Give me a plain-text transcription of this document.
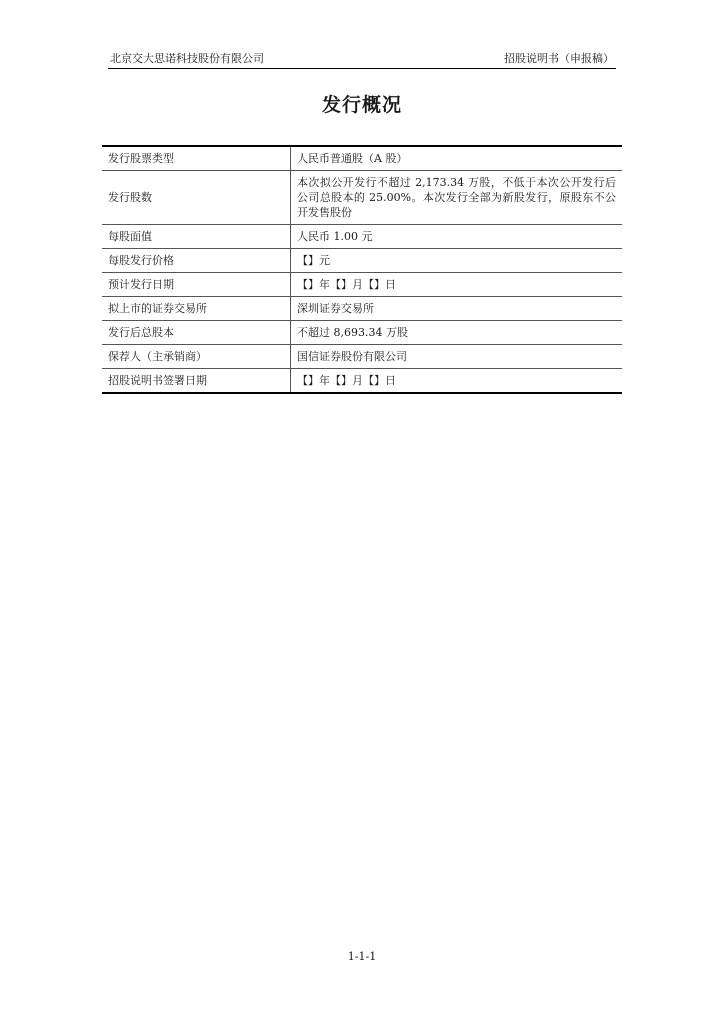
北京交大思诺科技股份有限公司	招股说明书（申报稿）
发行概况
发行股票类型	人民币普通股（A 股）
发行股数	本次拟公开发行不超过 2,173.34 万股，不低于本次公开发行后公司总股本的 25.00%。本次发行全部为新股发行，原股东不公开发售股份
每股面值	人民币 1.00 元
每股发行价格	【】元
预计发行日期	【】年【】月【】日
拟上市的证券交易所	深圳证券交易所
发行后总股本	不超过 8,693.34 万股
保荐人（主承销商）	国信证券股份有限公司
招股说明书签署日期	【】年【】月【】日
1-1-1
